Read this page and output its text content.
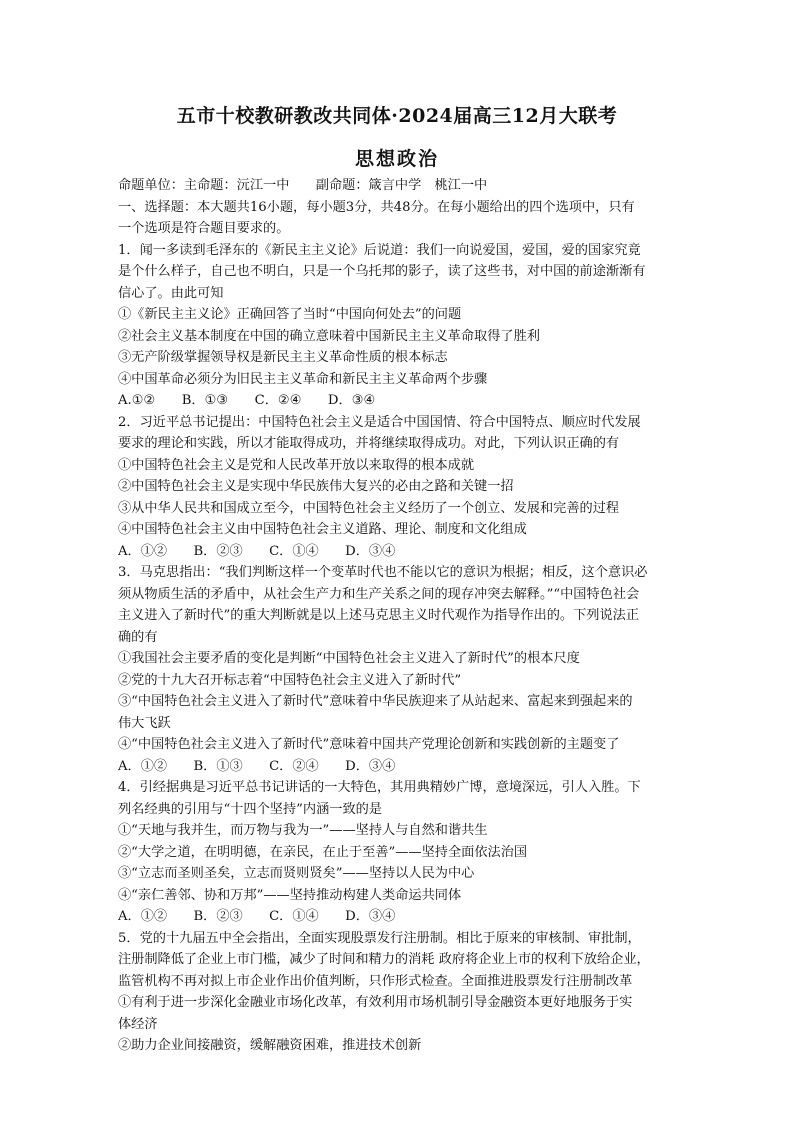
五市十校教研教改共同体·2024届高三12月大联考
思想政治
命题单位：主命题：沅江一中　　副命题：箴言中学　桃江一中
一、选择题：本大题共16小题，每小题3分，共48分。在每小题给出的四个选项中，只有
一个选项是符合题目要求的。
1．闻一多读到毛泽东的《新民主主义论》后说道：我们一向说爱国，爱国，爱的国家究竟
是个什么样子，自己也不明白，只是一个乌托邦的影子，读了这些书，对中国的前途渐渐有
信心了。由此可知
①《新民主主义论》正确回答了当时“中国向何处去”的问题
②社会主义基本制度在中国的确立意味着中国新民主主义革命取得了胜利
③无产阶级掌握领导权是新民主主义革命性质的根本标志
④中国革命必须分为旧民主主义革命和新民主主义革命两个步骤
A.①②　　B．①③　　C．②④　　D．③④
2．习近平总书记提出：中国特色社会主义是适合中国国情、符合中国特点、顺应时代发展
要求的理论和实践，所以才能取得成功，并将继续取得成功。对此，下列认识正确的有
①中国特色社会主义是党和人民改革开放以来取得的根本成就
②中国特色社会主义是实现中华民族伟大复兴的必由之路和关键一招
③从中华人民共和国成立至今，中国特色社会主义经历了一个创立、发展和完善的过程
④中国特色社会主义由中国特色社会主义道路、理论、制度和文化组成
A．①②　　B．②③　　C．①④　　D．③④
3．马克思指出：“我们判断这样一个变革时代也不能以它的意识为根据；相反，这个意识必
须从物质生活的矛盾中，从社会生产力和生产关系之间的现存冲突去解释。”“中国特色社会
主义进入了新时代”的重大判断就是以上述马克思主义时代观作为指导作出的。下列说法正
确的有
①我国社会主要矛盾的变化是判断“中国特色社会主义进入了新时代”的根本尺度
②党的十九大召开标志着“中国特色社会主义进入了新时代”
③“中国特色社会主义进入了新时代”意味着中华民族迎来了从站起来、富起来到强起来的
伟大飞跃
④“中国特色社会主义进入了新时代”意味着中国共产党理论创新和实践创新的主题变了
A．①②　　B．①③　　C．②④　　D．③④
4．引经据典是习近平总书记讲话的一大特色，其用典精妙广博，意境深远，引人入胜。下
列名经典的引用与“十四个坚持”内涵一致的是
①“天地与我并生，而万物与我为一”——坚持人与自然和谐共生
②“大学之道，在明明德，在亲民，在止于至善”——坚持全面依法治国
③“立志而圣则圣矣，立志而贤则贤矣”——坚持以人民为中心
④“亲仁善邻、协和万邦”——坚持推动构建人类命运共同体
A．①②　　B．②③　　C．①④　　D．③④
5．党的十九届五中全会指出，全面实现股票发行注册制。相比于原来的审核制、审批制，
注册制降低了企业上市门槛，减少了时间和精力的消耗 政府将企业上市的权利下放给企业，
监管机构不再对拟上市企业作出价值判断，只作形式检查。全面推进股票发行注册制改革
①有利于进一步深化金融业市场化改革，有效利用市场机制引导金融资本更好地服务于实
体经济
②助力企业间接融资，缓解融资困难，推进技术创新
